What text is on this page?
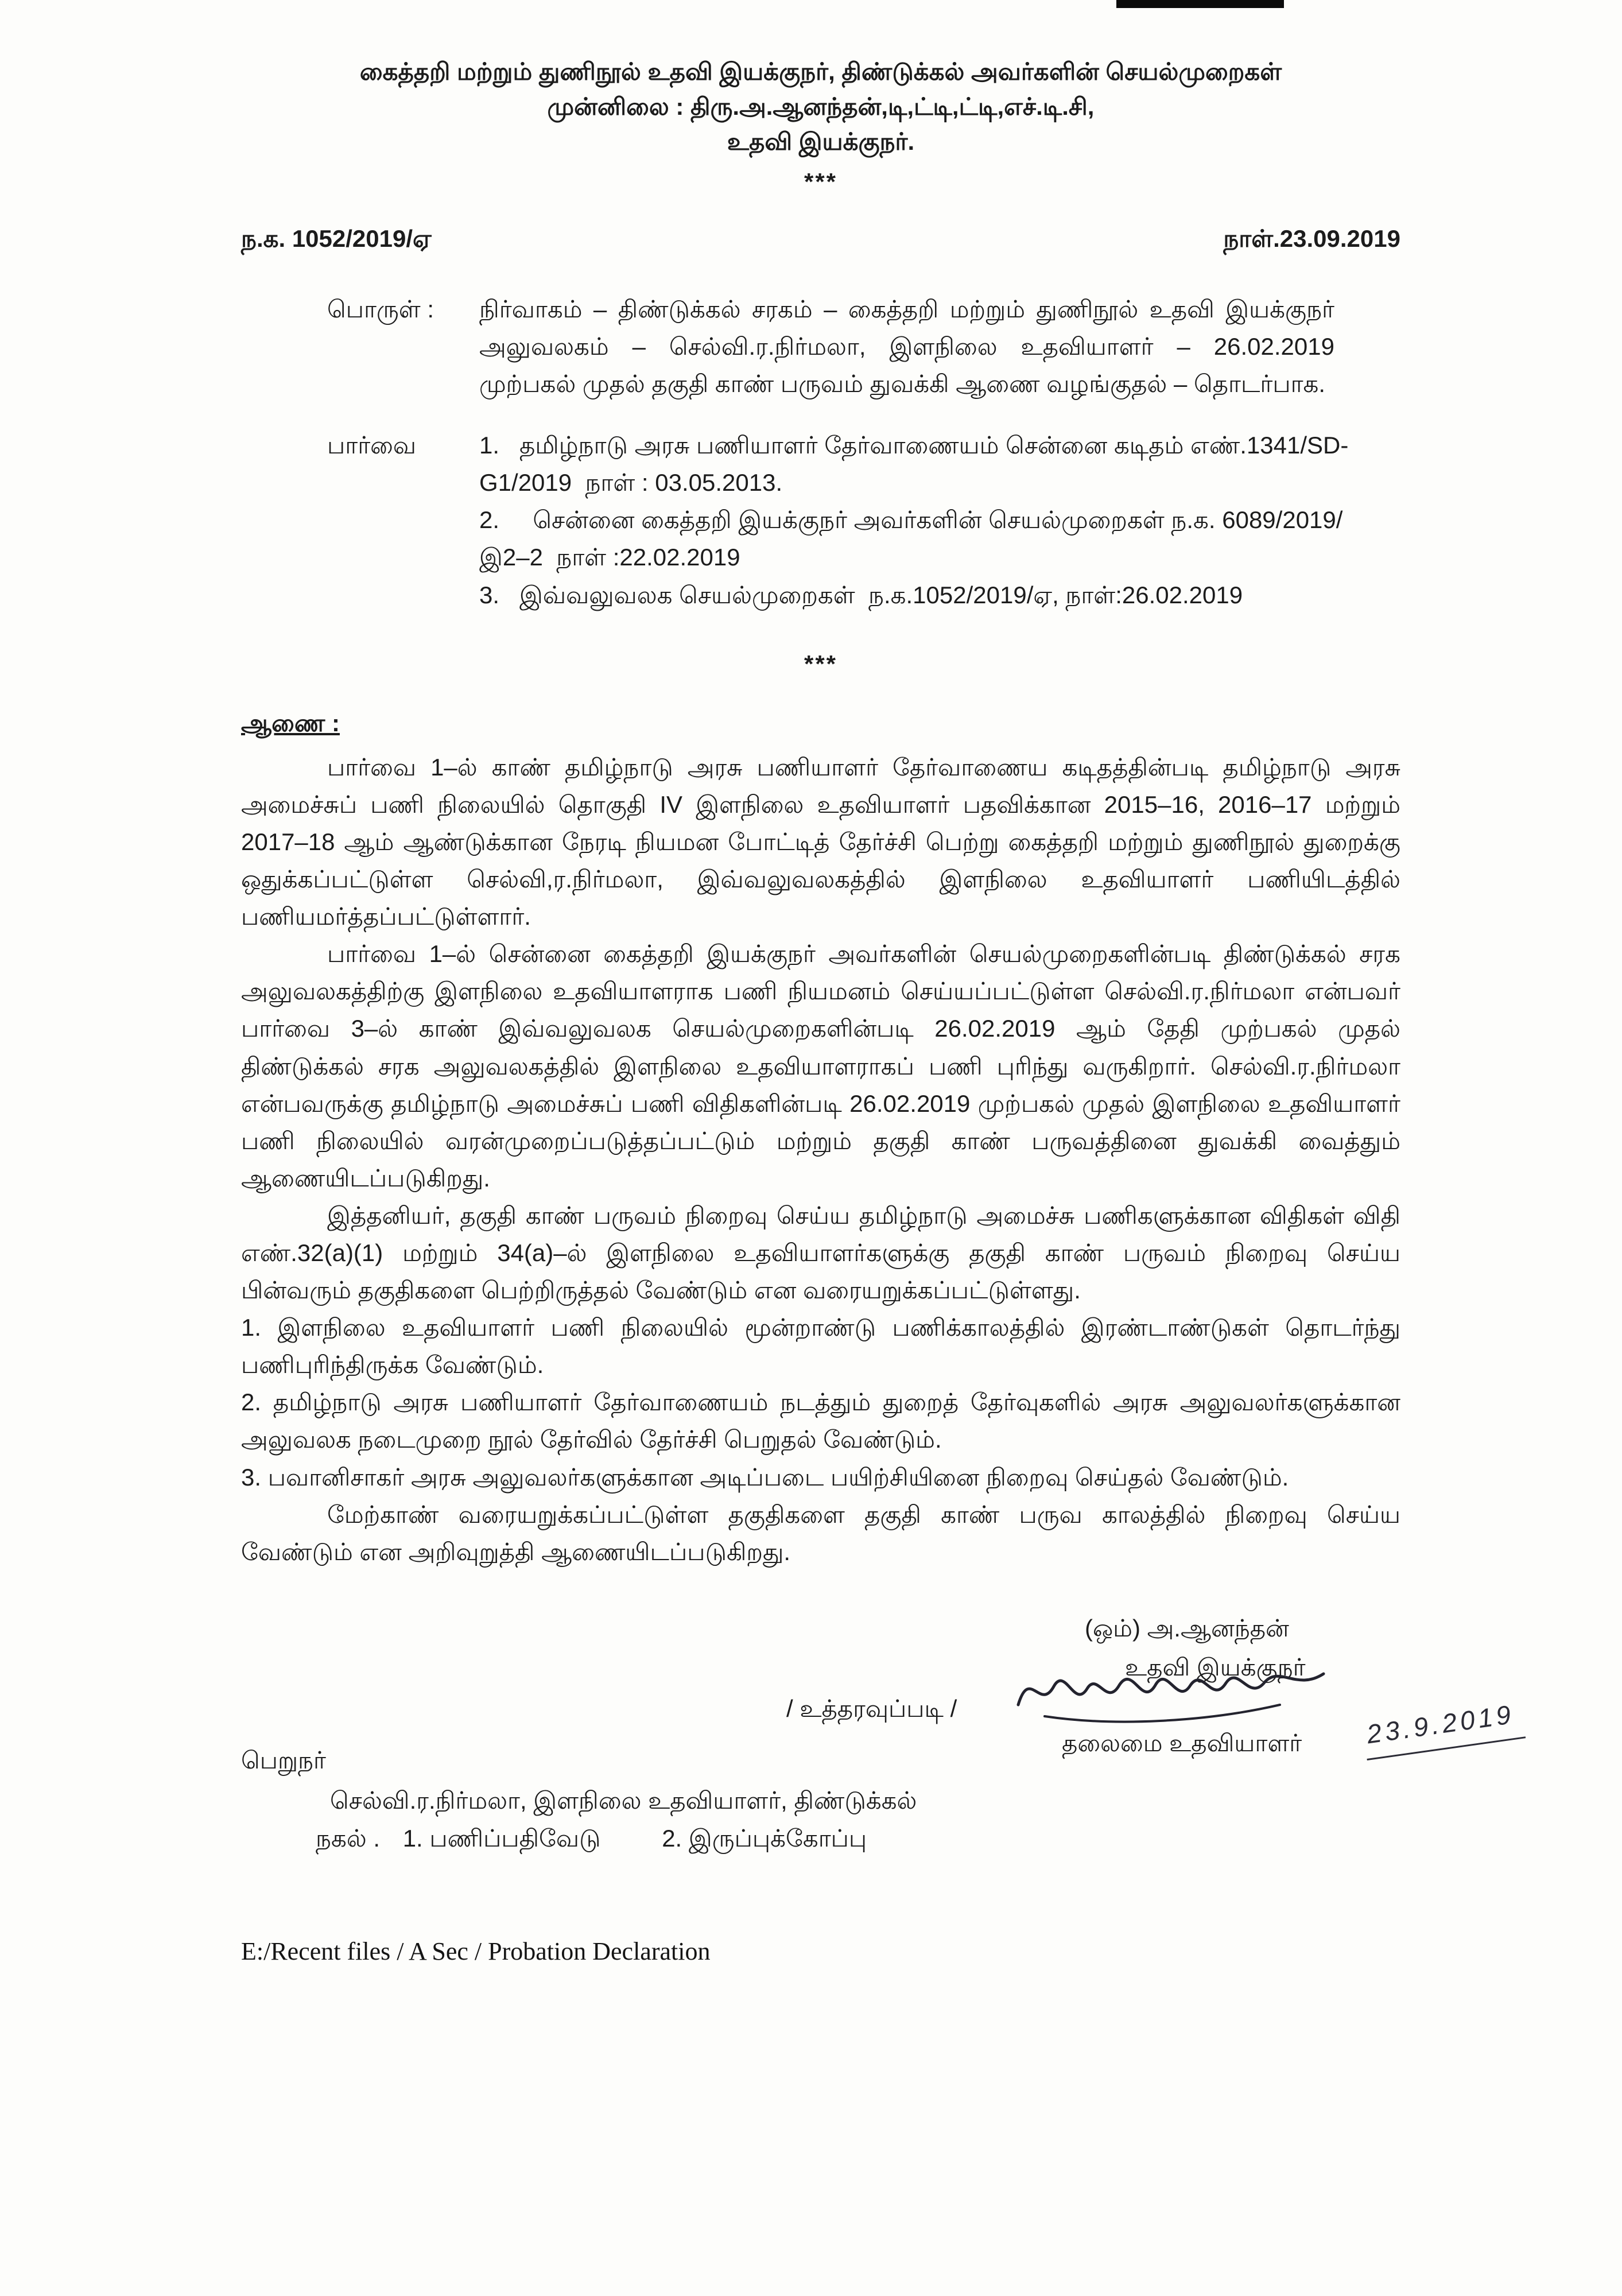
கைத்தறி மற்றும் துணிநூல் உதவி இயக்குநர், திண்டுக்கல் அவர்களின் செயல்முறைகள்
முன்னிலை : திரு.அ.ஆனந்தன்,டி,ட்டி,ட்டி,எச்.டி.சி,
உதவி இயக்குநர்.
***
ந.க. 1052/2019/ஏ	நாள்.23.09.2019
பொருள் :	நிர்வாகம் – திண்டுக்கல் சரகம் – கைத்தறி மற்றும் துணிநூல் உதவி இயக்குநர் அலுவலகம் – செல்வி.ர.நிர்மலா, இளநிலை உதவியாளர் – 26.02.2019 முற்பகல் முதல் தகுதி காண் பருவம் துவக்கி ஆணை வழங்குதல் – தொடர்பாக.
பார்வை	1.   தமிழ்நாடு அரசு பணியாளர் தேர்வாணையம் சென்னை கடிதம் எண்.1341/SD-G1/2019  நாள் : 03.05.2013.
2.     சென்னை கைத்தறி இயக்குநர் அவர்களின் செயல்முறைகள் ந.க. 6089/2019/இ2–2  நாள் :22.02.2019
3.   இவ்வலுவலக செயல்முறைகள்  ந.க.1052/2019/ஏ, நாள்:26.02.2019
***
ஆணை :

பார்வை 1–ல் காண் தமிழ்நாடு அரசு பணியாளர் தேர்வாணைய கடிதத்தின்படி தமிழ்நாடு அரசு அமைச்சுப் பணி நிலையில் தொகுதி IV இளநிலை உதவியாளர் பதவிக்கான 2015–16, 2016–17 மற்றும் 2017–18 ஆம் ஆண்டுக்கான நேரடி நியமன போட்டித் தேர்ச்சி பெற்று கைத்தறி மற்றும் துணிநூல் துறைக்கு ஒதுக்கப்பட்டுள்ள செல்வி,ர.நிர்மலா, இவ்வலுவலகத்தில் இளநிலை உதவியாளர் பணியிடத்தில் பணியமர்த்தப்பட்டுள்ளார்.

பார்வை 1–ல் சென்னை கைத்தறி இயக்குநர் அவர்களின் செயல்முறைகளின்படி திண்டுக்கல் சரக அலுவலகத்திற்கு இளநிலை உதவியாளராக பணி நியமனம் செய்யப்பட்டுள்ள செல்வி.ர.நிர்மலா என்பவர் பார்வை 3–ல் காண் இவ்வலுவலக செயல்முறைகளின்படி 26.02.2019 ஆம் தேதி முற்பகல் முதல் திண்டுக்கல் சரக அலுவலகத்தில் இளநிலை உதவியாளராகப் பணி புரிந்து வருகிறார். செல்வி.ர.நிர்மலா என்பவருக்கு தமிழ்நாடு அமைச்சுப் பணி விதிகளின்படி 26.02.2019 முற்பகல் முதல் இளநிலை உதவியாளர் பணி நிலையில் வரன்முறைப்படுத்தப்பட்டும் மற்றும் தகுதி காண் பருவத்தினை துவக்கி வைத்தும் ஆணையிடப்படுகிறது.

இத்தனியர், தகுதி காண் பருவம் நிறைவு செய்ய தமிழ்நாடு அமைச்சு பணிகளுக்கான விதிகள் விதி எண்.32(a)(1) மற்றும் 34(a)–ல் இளநிலை உதவியாளர்களுக்கு தகுதி காண் பருவம் நிறைவு செய்ய பின்வரும் தகுதிகளை பெற்றிருத்தல் வேண்டும் என வரையறுக்கப்பட்டுள்ளது.

1. இளநிலை உதவியாளர் பணி நிலையில் மூன்றாண்டு பணிக்காலத்தில் இரண்டாண்டுகள் தொடர்ந்து பணிபுரிந்திருக்க வேண்டும்.

2. தமிழ்நாடு அரசு பணியாளர் தேர்வாணையம் நடத்தும் துறைத் தேர்வுகளில் அரசு அலுவலர்களுக்கான அலுவலக நடைமுறை நூல் தேர்வில் தேர்ச்சி பெறுதல் வேண்டும்.

3. பவானிசாகர் அரசு அலுவலர்களுக்கான அடிப்படை பயிற்சியினை நிறைவு செய்தல் வேண்டும்.

மேற்காண் வரையறுக்கப்பட்டுள்ள தகுதிகளை தகுதி காண் பருவ காலத்தில் நிறைவு செய்ய வேண்டும் என அறிவுறுத்தி ஆணையிடப்படுகிறது.

(ஒம்) அ.ஆனந்தன்
உதவி இயக்குநர்
/ உத்தரவுப்படி /
தலைமை உதவியாளர் 23.9.2019
பெறுநர்
செல்வி.ர.நிர்மலா, இளநிலை உதவியாளர், திண்டுக்கல்
நகல் . 1. பணிப்பதிவேடு	2. இருப்புக்கோப்பு
E:/Recent files / A Sec / Probation Declaration
